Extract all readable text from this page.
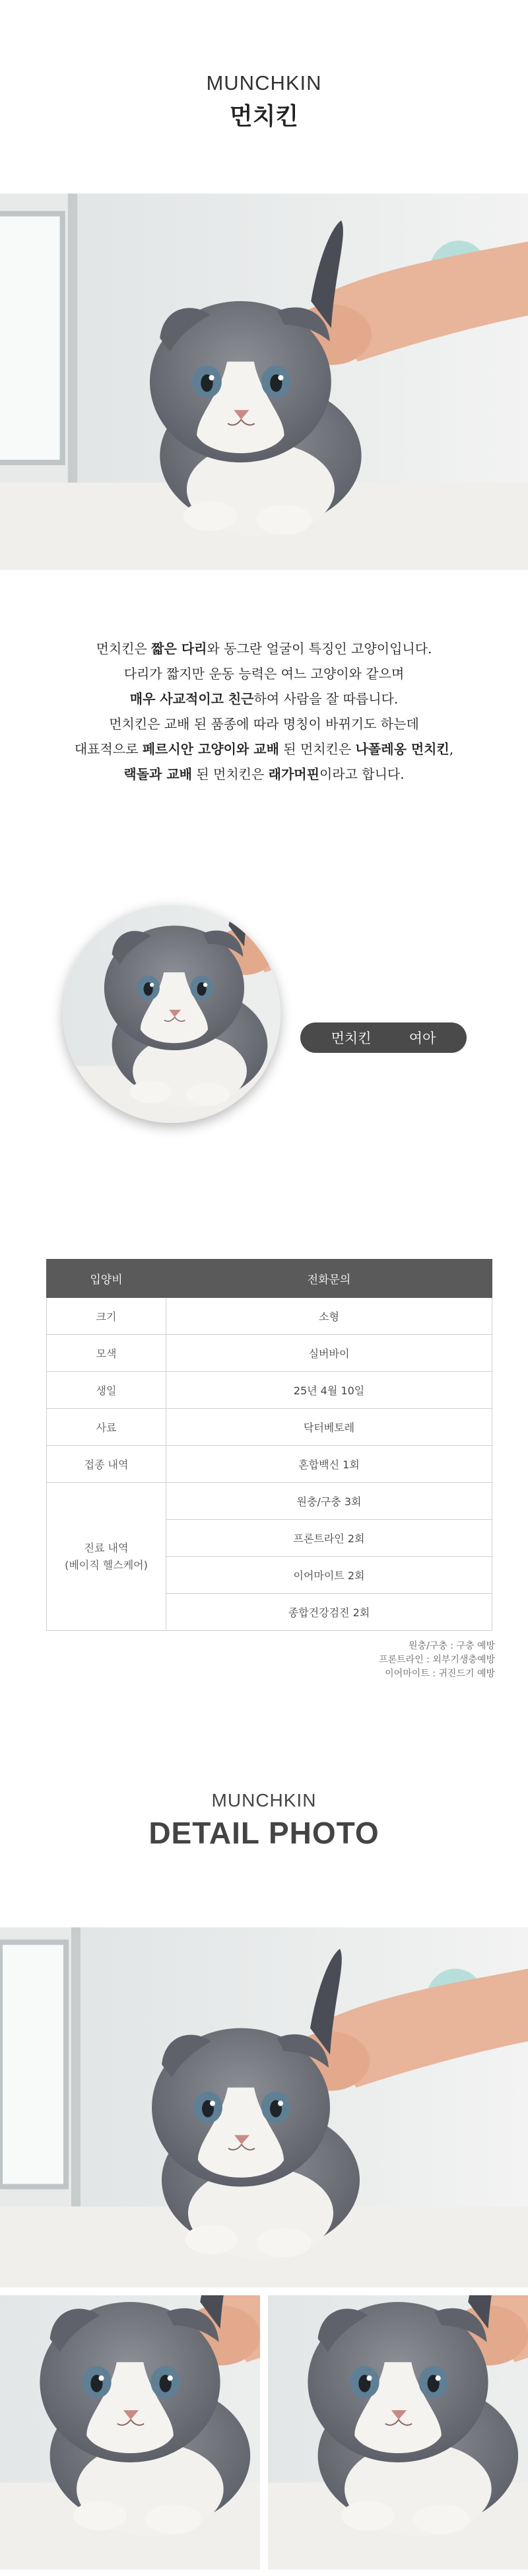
MUNCHKIN
먼치킨
먼치킨은 짧은 다리와 동그란 얼굴이 특징인 고양이입니다.
다리가 짧지만 운동 능력은 여느 고양이와 같으며
매우 사교적이고 친근하여 사람을 잘 따릅니다.
먼치킨은 교배 된 품종에 따라 명칭이 바뀌기도 하는데
대표적으로 페르시안 고양이와 교배 된 먼치킨은 나폴레옹 먼치킨,
랙돌과 교배 된 먼치킨은 래가머핀이라고 합니다.
먼치킨	여아
입양비	전화문의
크기	소형
모색	실버바이
생일	25년 4월 10일
사료	닥터베토레
접종 내역	혼합백신 1회

진료 내역
(베이직 헬스케어)	원충/구충 3회
	프론트라인 2회
	이어마이트 2회
	종합건강검진 2회
원충/구충 : 구충 예방
프론트라인 : 외부기생충예방
이어마이트 : 귀진드기 예방
MUNCHKIN
DETAIL PHOTO
